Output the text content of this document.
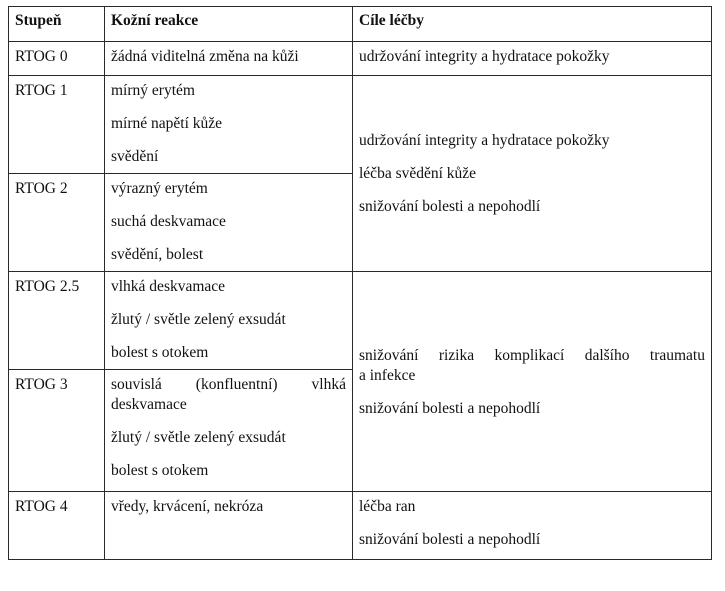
Stupeň	Kožní reakce	Cíle léčby
RTOG 0	žádná viditelná změna na kůži	udržování integrity a hydratace pokožky

RTOG 1	mírný erytém
mírné napětí kůže
svědění	udržování integrity a hydratace pokožky
léčba svědění kůže
snižování bolesti a nepohodlí

RTOG 2	výrazný erytém
suchá deskvamace
svědění, bolest	

RTOG 2.5	vlhká deskvamace
žlutý / světle zelený exsudát
bolest s otokem	snižování rizika komplikací dalšího traumatu
a infekce
snižování bolesti a nepohodlí

RTOG 3	souvislá (konfluentní) vlhká
deskvamace
žlutý / světle zelený exsudát
bolest s otokem	

RTOG 4	vředy, krvácení, nekróza	léčba ran
snižování bolesti a nepohodlí
